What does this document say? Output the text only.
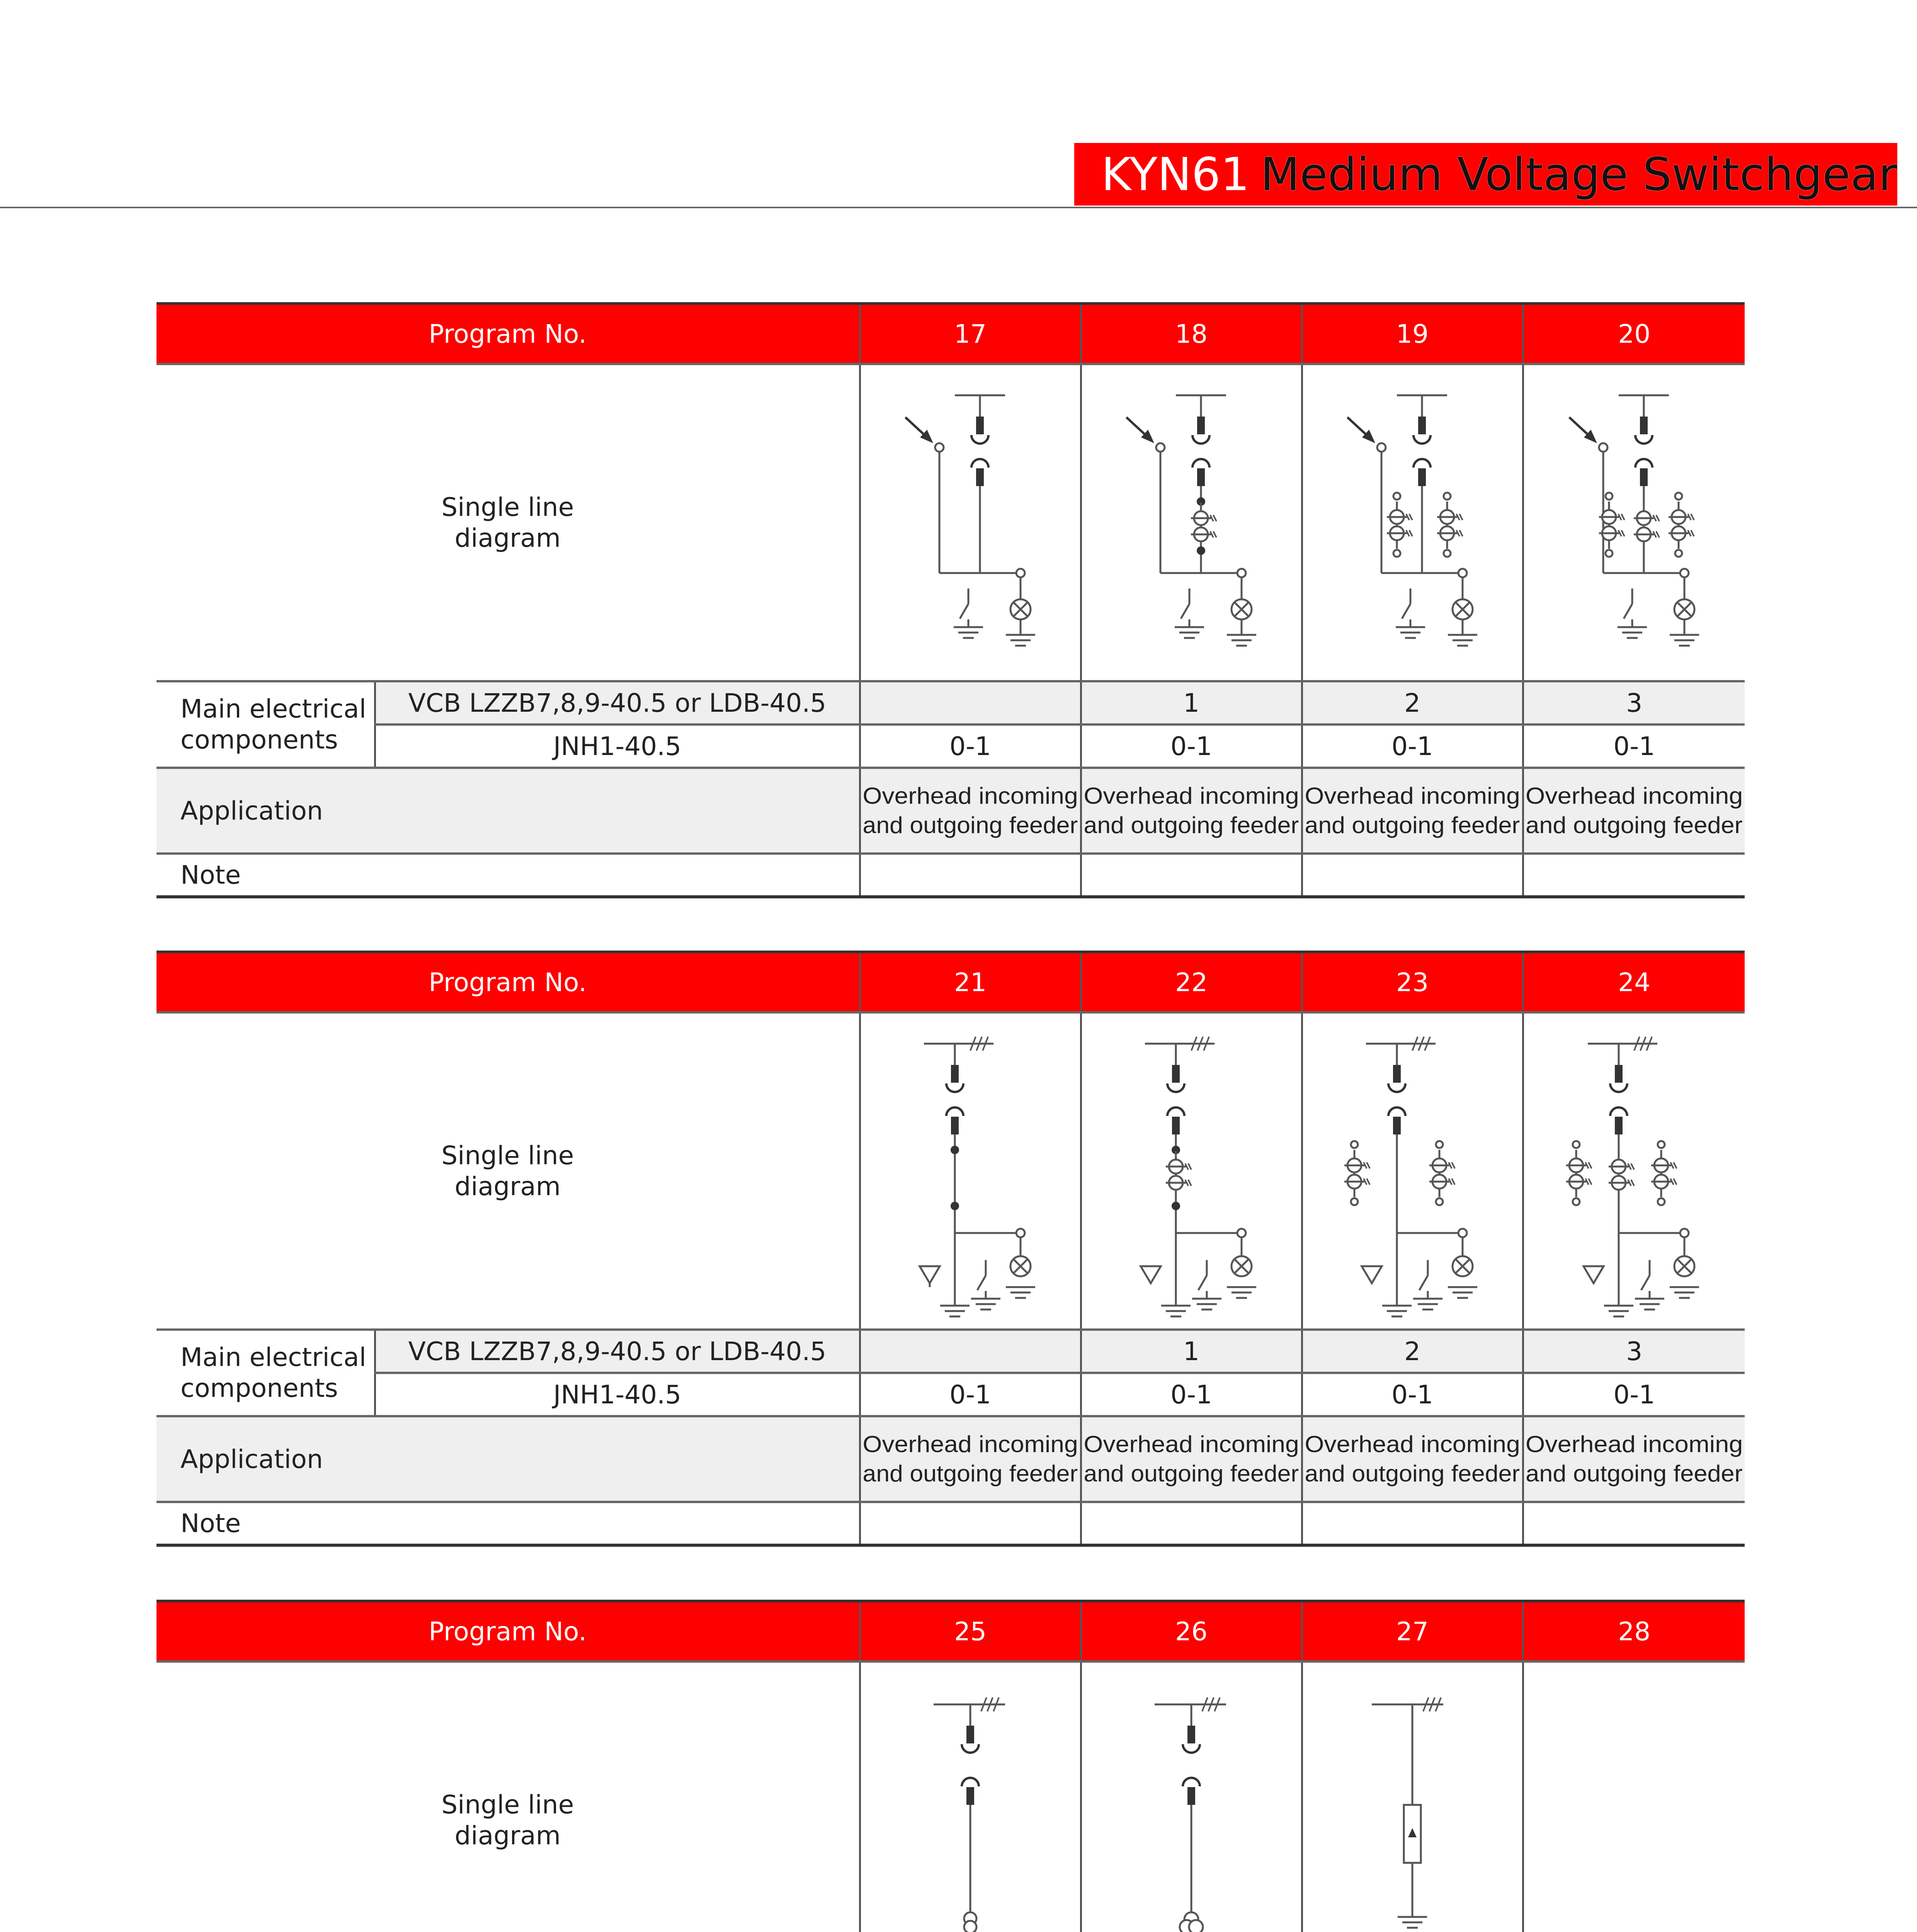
KYN61 Medium Voltage Switchgear
Program No.		17	18	19	20

Single line
diagram

Main electrical
components	VCB LZZB7,8,9-40.5 or LDB-40.5		1	2	3
	JNH1-40.5	0-1	0-1	0-1	0-1
Application		Overhead incomingand outgoing feeder	Overhead incomingand outgoing feeder	Overhead incomingand outgoing feeder	Overhead incomingand outgoing feeder
Note					
Program No.		21	22	23	24

Single line
diagram

Main electrical
components	VCB LZZB7,8,9-40.5 or LDB-40.5		1	2	3
	JNH1-40.5	0-1	0-1	0-1	0-1
Application		Overhead incomingand outgoing feeder	Overhead incomingand outgoing feeder	Overhead incomingand outgoing feeder	Overhead incomingand outgoing feeder
Note					
Program No.		25	26	27	28

Single line
diagram
